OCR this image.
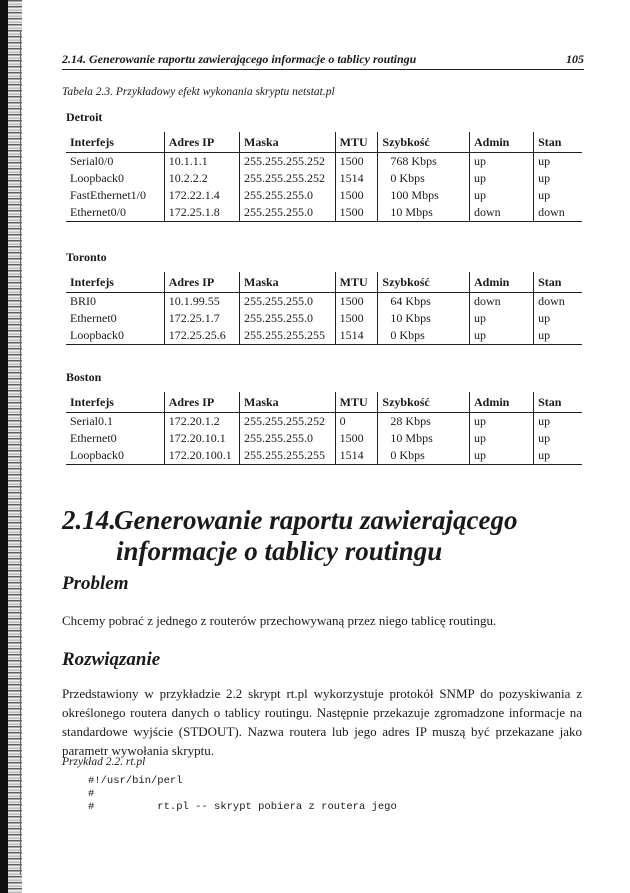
2.14. Generowanie raportu zawierającego informacje o tablicy routingu	105
Tabela 2.3. Przykładowy efekt wykonania skryptu netstat.pl
Detroit
Interfejs	Adres IP	Maska	MTU	Szybkość	Admin	Stan
Serial0/0	10.1.1.1	255.255.255.252	1500	768 Kbps	up	up
Loopback0	10.2.2.2	255.255.255.252	1514	0 Kbps	up	up
FastEthernet1/0	172.22.1.4	255.255.255.0	1500	100 Mbps	up	up
Ethernet0/0	172.25.1.8	255.255.255.0	1500	10 Mbps	down	down
Toronto
Interfejs	Adres IP	Maska	MTU	Szybkość	Admin	Stan
BRI0	10.1.99.55	255.255.255.0	1500	64 Kbps	down	down
Ethernet0	172.25.1.7	255.255.255.0	1500	10 Kbps	up	up
Loopback0	172.25.25.6	255.255.255.255	1514	0 Kbps	up	up
Boston
Interfejs	Adres IP	Maska	MTU	Szybkość	Admin	Stan
Serial0.1	172.20.1.2	255.255.255.252	0	28 Kbps	up	up
Ethernet0	172.20.10.1	255.255.255.0	1500	10 Mbps	up	up
Loopback0	172.20.100.1	255.255.255.255	1514	0 Kbps	up	up
2.14.Generowanie raportu zawierającego
informacje o tablicy routingu
Problem
Chcemy pobrać z jednego z routerów przechowywaną przez niego tablicę routingu.
Rozwiązanie
Przedstawiony w przykładzie 2.2 skrypt rt.pl wykorzystuje protokół SNMP do pozyskiwania z określonego routera danych o tablicy routingu. Następnie przekazuje zgromadzone informacje na standardowe wyjście (STDOUT). Nazwa routera lub jego adres IP muszą być przekazane jako parametr wywołania skryptu.
Przykład 2.2. rt.pl
#!/usr/bin/perl
#
#          rt.pl -- skrypt pobiera z routera jego
